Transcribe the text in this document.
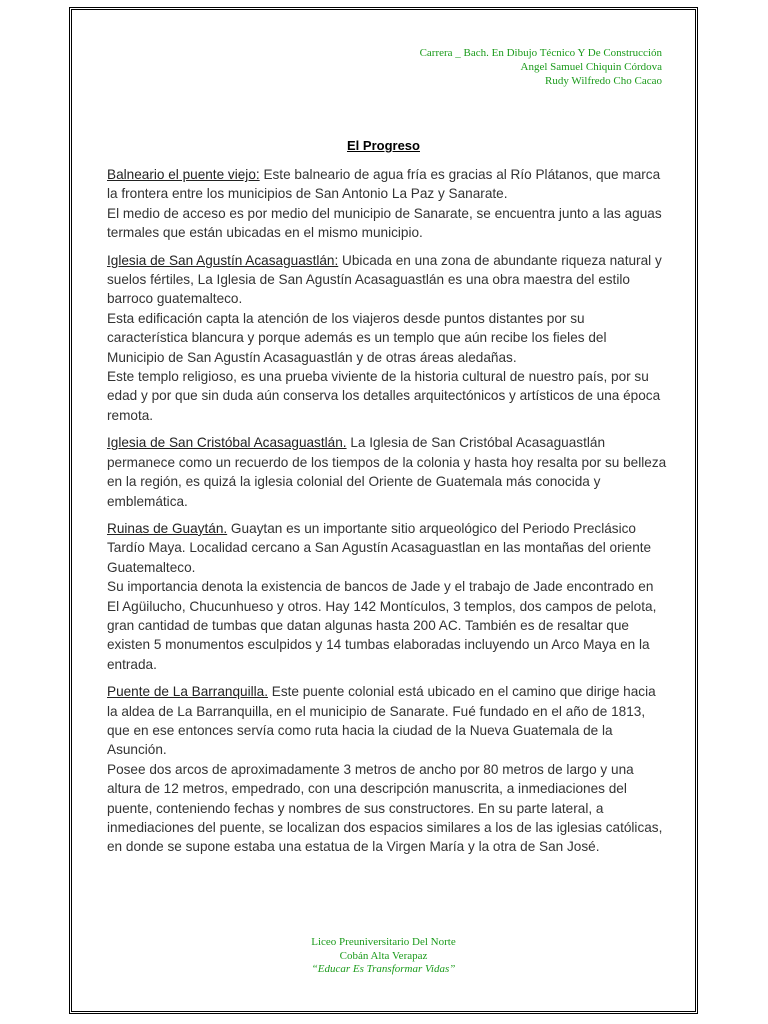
Carrera _ Bach. En Dibujo Técnico Y De Construcción
Angel Samuel Chiquin Córdova
Rudy Wilfredo Cho Cacao
El Progreso

Balneario el puente viejo: Este balneario de agua fría es gracias al Río Plátanos, que marca la frontera entre los municipios de San Antonio La Paz y Sanarate.

El medio de acceso es por medio del municipio de Sanarate, se encuentra junto a las aguas termales que están ubicadas en el mismo municipio.

Iglesia de San Agustín Acasaguastlán: Ubicada en una zona de abundante riqueza natural y suelos fértiles, La Iglesia de San Agustín Acasaguastlán es una obra maestra del estilo barroco guatemalteco.

Esta edificación capta la atención de los viajeros desde puntos distantes por su característica blancura y porque además es un templo que aún recibe los fieles del Municipio de San Agustín Acasaguastlán y de otras áreas aledañas.

Este templo religioso, es una prueba viviente de la historia cultural de nuestro país, por su edad y por que sin duda aún conserva los detalles arquitectónicos y artísticos de una época remota.

Iglesia de San Cristóbal Acasaguastlán. La Iglesia de San Cristóbal Acasaguastlán permanece como un recuerdo de los tiempos de la colonia y hasta hoy resalta por su belleza en la región, es quizá la iglesia colonial del Oriente de Guatemala más conocida y emblemática.

Ruinas de Guaytán. Guaytan es un importante sitio arqueológico del Periodo Preclásico Tardío Maya. Localidad cercano a San Agustín Acasaguastlan en las montañas del oriente Guatemalteco.

Su importancia denota la existencia de bancos de Jade y el trabajo de Jade encontrado en El Agüilucho, Chucunhueso y otros. Hay 142 Montículos, 3 templos, dos campos de pelota, gran cantidad de tumbas que datan algunas hasta 200 AC. También es de resaltar que existen 5 monumentos esculpidos y 14 tumbas elaboradas incluyendo un Arco Maya en la entrada.

Puente de La Barranquilla. Este puente colonial está ubicado en el camino que dirige hacia la aldea de La Barranquilla, en el municipio de Sanarate. Fué fundado en el año de 1813, que en ese entonces servía como ruta hacia la ciudad de la Nueva Guatemala de la Asunción.

Posee dos arcos de aproximadamente 3 metros de ancho por 80 metros de largo y una altura de 12 metros, empedrado, con una descripción manuscrita, a inmediaciones del puente, conteniendo fechas y nombres de sus constructores. En su parte lateral, a inmediaciones del puente, se localizan dos espacios similares a los de las iglesias católicas, en donde se supone estaba una estatua de la Virgen María y la otra de San José.

Liceo Preuniversitario Del Norte
Cobán Alta Verapaz
“Educar Es Transformar Vidas”
